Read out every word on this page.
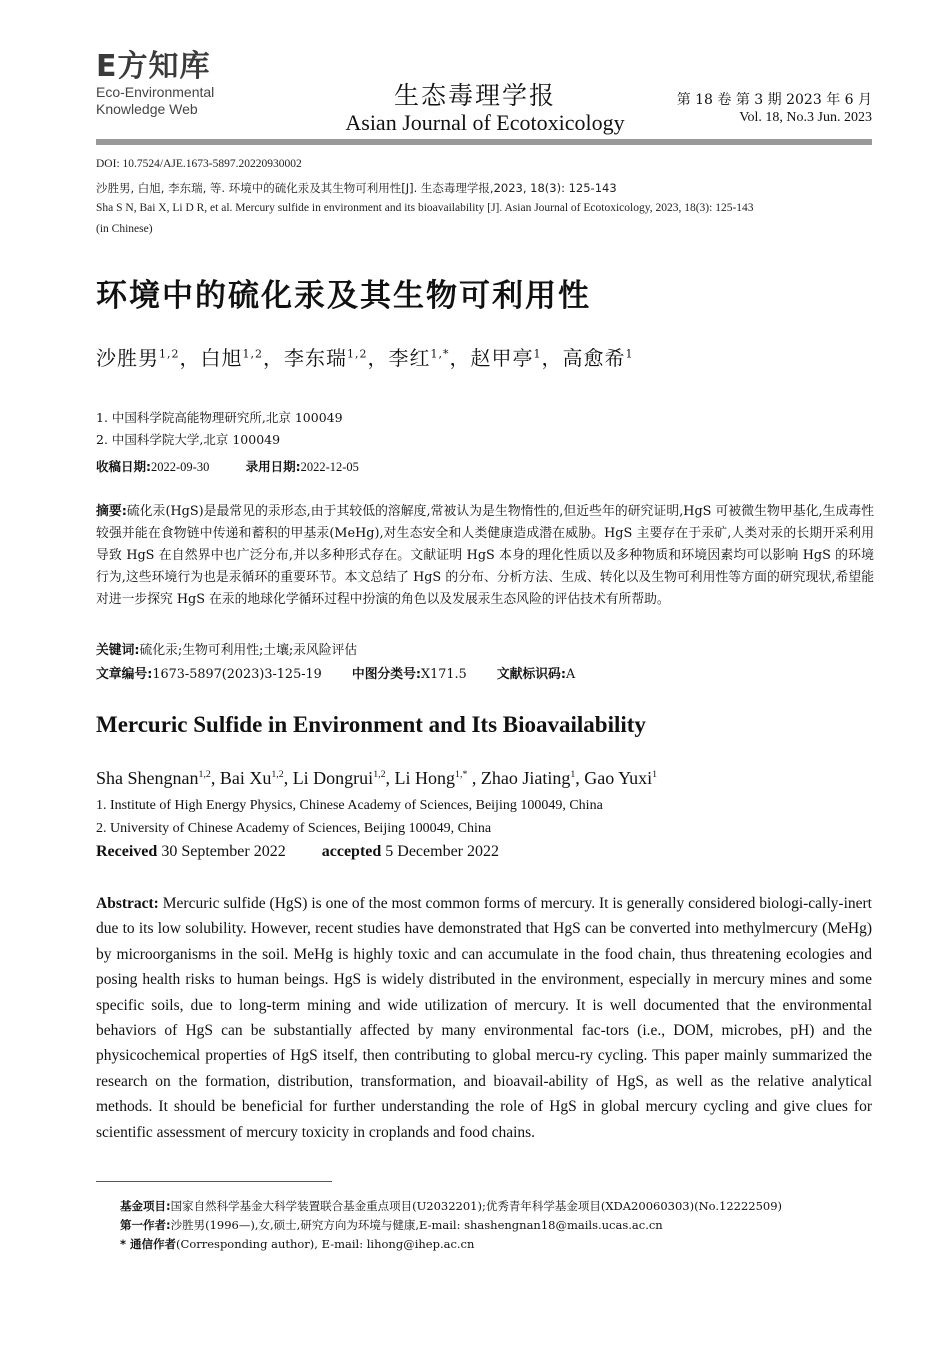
E方知库
Eco-Environmental
Knowledge Web	生态毒理学报
Asian Journal of Ecotoxicology
第 18 卷 第 3 期 2023 年 6 月
Vol. 18, No.3 Jun. 2023
DOI: 10.7524/AJE.1673-5897.20220930002
沙胜男, 白旭, 李东瑞, 等. 环境中的硫化汞及其生物可利用性[J]. 生态毒理学报,2023, 18(3): 125-143
Sha S N, Bai X, Li D R, et al. Mercury sulfide in environment and its bioavailability [J]. Asian Journal of Ecotoxicology, 2023, 18(3): 125-143
(in Chinese)
环境中的硫化汞及其生物可利用性
沙胜男$^{1,2}$，白旭$^{1,2}$，李东瑞$^{1,2}$，李红$^{1,*}$，赵甲亭$^1$，高愈希$^1$
1. 中国科学院高能物理研究所,北京 100049
2. 中国科学院大学,北京 100049
收稿日期:2022-09-30	录用日期:2022-12-05
摘要:硫化汞(HgS)是最常见的汞形态,由于其较低的溶解度,常被认为是生物惰性的,但近些年的研究证明,HgS 可被微生物甲基化,生成毒性较强并能在食物链中传递和蓄积的甲基汞(MeHg),对生态安全和人类健康造成潜在威胁。HgS 主要存在于汞矿,人类对汞的长期开采利用导致 HgS 在自然界中也广泛分布,并以多种形式存在。文献证明 HgS 本身的理化性质以及多种物质和环境因素均可以影响 HgS 的环境行为,这些环境行为也是汞循环的重要环节。本文总结了 HgS 的分布、分析方法、生成、转化以及生物可利用性等方面的研究现状,希望能对进一步探究 HgS 在汞的地球化学循环过程中扮演的角色以及发展汞生态风险的评估技术有所帮助。
关键词:硫化汞;生物可利用性;土壤;汞风险评估
文章编号:1673-5897(2023)3-125-19 中图分类号:X171.5 文献标识码:A
Mercuric Sulfide in Environment and Its Bioavailability
Sha Shengnan$^{1,2}$, Bai Xu$^{1,2}$, Li Dongrui$^{1,2}$, Li Hong$^{1,*}$ , Zhao Jiating$^1$, Gao Yuxi$^1$
1. Institute of High Energy Physics, Chinese Academy of Sciences, Beijing 100049, China
2. University of Chinese Academy of Sciences, Beijing 100049, China
Received 30 September 2022 accepted 5 December 2022
Abstract: Mercuric sulfide (HgS) is one of the most common forms of mercury. It is generally considered biologi-cally-inert due to its low solubility. However, recent studies have demonstrated that HgS can be converted into methylmercury (MeHg) by microorganisms in the soil. MeHg is highly toxic and can accumulate in the food chain, thus threatening ecologies and posing health risks to human beings. HgS is widely distributed in the environment, especially in mercury mines and some specific soils, due to long-term mining and wide utilization of mercury. It is well documented that the environmental behaviors of HgS can be substantially affected by many environmental fac-tors (i.e., DOM, microbes, pH) and the physicochemical properties of HgS itself, then contributing to global mercu-ry cycling. This paper mainly summarized the research on the formation, distribution, transformation, and bioavail-ability of HgS, as well as the relative analytical methods. It should be beneficial for further understanding the role of HgS in global mercury cycling and give clues for scientific assessment of mercury toxicity in croplands and food chains.
基金项目:国家自然科学基金大科学装置联合基金重点项目(U2032201);优秀青年科学基金项目(XDA20060303)(No.12222509)
第一作者:沙胜男(1996—),女,硕士,研究方向为环境与健康,E-mail: shashengnan18@mails.ucas.ac.cn
* 通信作者(Corresponding author), E-mail: lihong@ihep.ac.cn
